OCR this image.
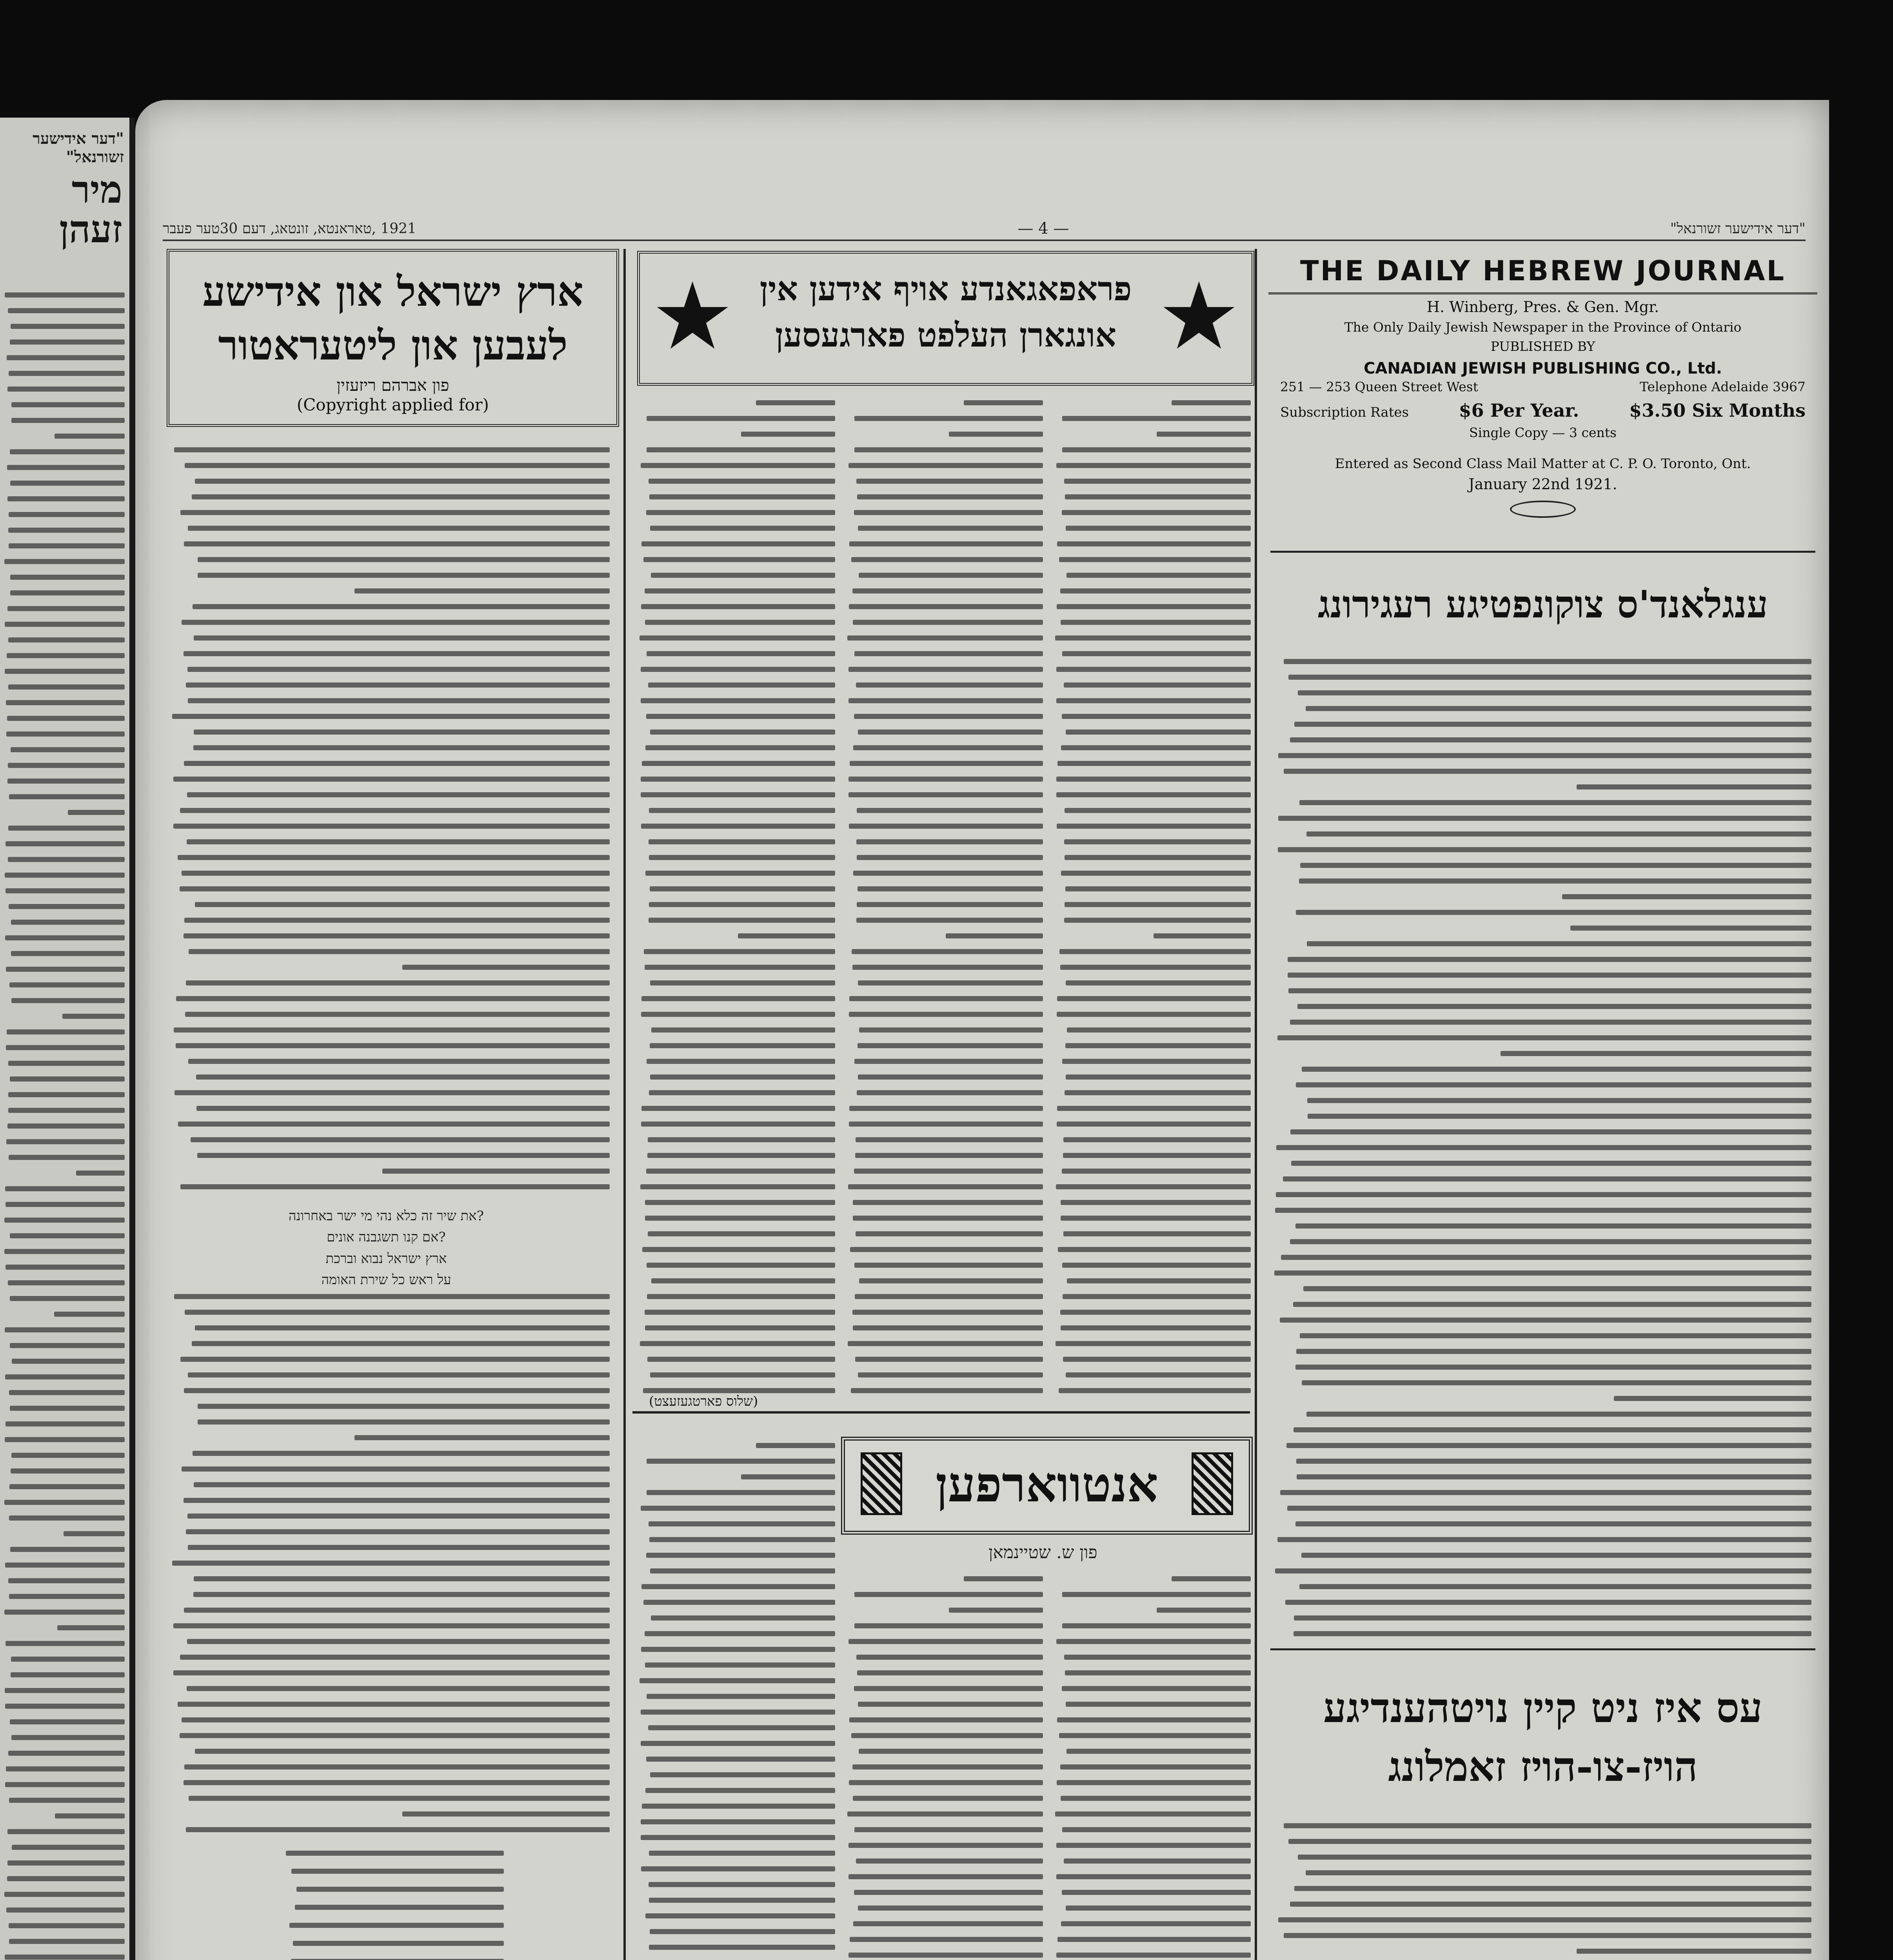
"דער אידישער זשורנאל"
מיר זעהן	"דער אידישער זשורנאל"
— 4 —
1921 ,טאראנטא, זונטאג, דעם 30טער פעבר
THE DAILY HEBREW JOURNAL
H. Winberg, Pres. & Gen. Mgr.
The Only Daily Jewish Newspaper in the Province of Ontario
PUBLISHED BY
CANADIAN JEWISH PUBLISHING CO., Ltd.
251 — 253 Queen Street West	Telephone Adelaide 3967
Subscription Rates	$6 Per Year.	$3.50 Six Months
Single Copy — 3 cents
Entered as Second Class Mail Matter at C. P. O. Toronto, Ont.
January 22nd 1921.
ארץ ישראל און אידישע
לעבען און ליטעראטור
פון אברהם ריזעזין
(Copyright applied for)
?את שיר זה כלא נהי מי ישר באחרונה
?אם קנו תשגבנה אונים
ארץ ישראל נבוא וברכת
על ראש כל שירת האומה
★	★
פראפאגאנדע אויף אידען אין
אונגארן העלפט פארגעסען
(שלוס פארטגעזעצט)
אנטווארפען
פון ש. שטיינמאן
ענגלאנד'ס צוקונפטיגע רעגירונג
עס איז ניט קיין נויטהענדיגע
הויז-צו-הויז זאמלונג
